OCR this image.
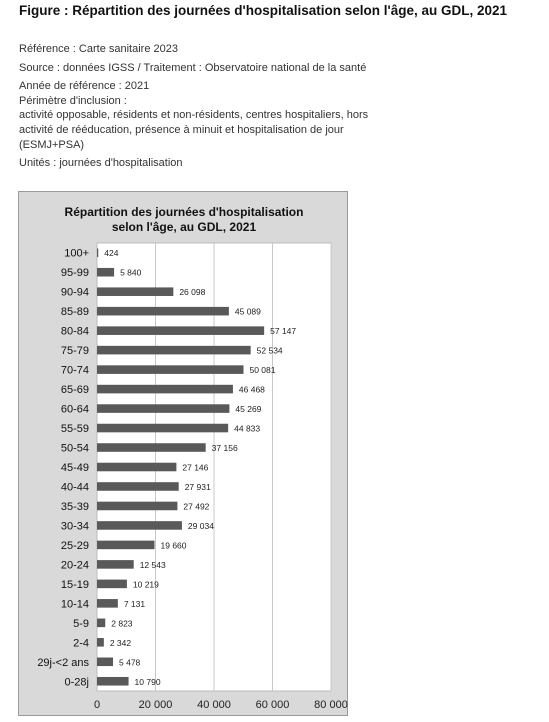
Figure : Répartition des journées d'hospitalisation selon l'âge, au GDL, 2021
Référence : Carte sanitaire 2023
Source : données IGSS / Traitement : Observatoire national de la santé
Année de référence : 2021
Périmètre d'inclusion :
activité opposable, résidents et non-résidents, centres hospitaliers, hors
activité de rééducation, présence à minuit et hospitalisation de jour
(ESMJ+PSA)
Unités : journées d'hospitalisation
Répartition des journées d'hospitalisation
selon l'âge, au GDL, 2021
0	20 000 40 000 60 000 80 000
100+ 424
95-99	5 840
90-94	26 098
85-89	45 089
80-84	57 147
75-79	52 534
70-74	50 081
65-69	46 468
60-64	45 269
55-59	44 833
50-54	37 156
45-49	27 146
40-44	27 931
35-39	27 492
30-34	29 034
25-29	19 660
20-24	12 543
15-19	10 219
10-14	7 131
5-9	2 823
2-4 2 342
29j-<2 ans	5 478
0-28j	10 790
